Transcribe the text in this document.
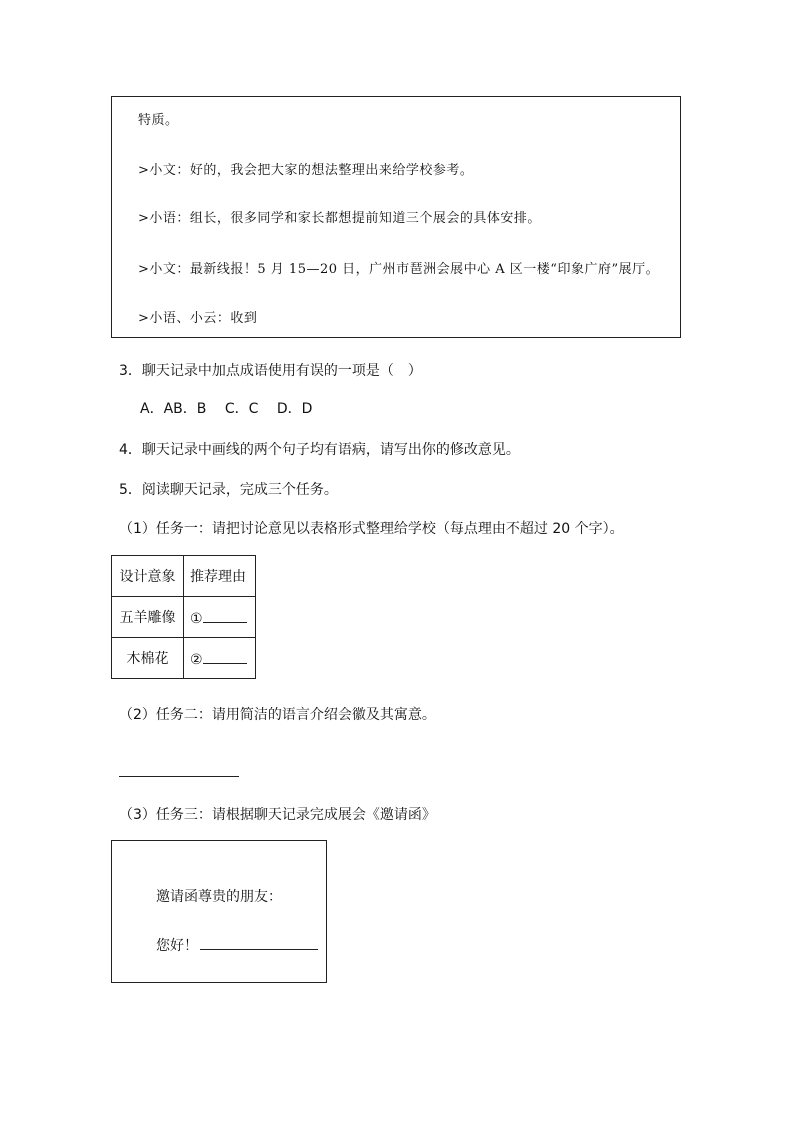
特质。
>小文：好的，我会把大家的想法整理出来给学校参考。
>小语：组长，很多同学和家长都想提前知道三个展会的具体安排。
>小文：最新线报！5 月 15—20 日，广州市琶洲会展中心 A 区一楼“印象广府”展厅。
>小语、小云：收到
3．聊天记录中加点成语使用有误的一项是（　）
A．AB．B　 C．C　 D．D
4．聊天记录中画线的两个句子均有语病，请写出你的修改意见。
5．阅读聊天记录，完成三个任务。
（1）任务一：请把讨论意见以表格形式整理给学校（每点理由不超过 20 个字）。
设计意象	推荐理由
五羊雕像	①
木棉花	②
（2）任务二：请用简洁的语言介绍会徽及其寓意。
（3）任务三：请根据聊天记录完成展会《邀请函》
邀请函尊贵的朋友：
您好！
